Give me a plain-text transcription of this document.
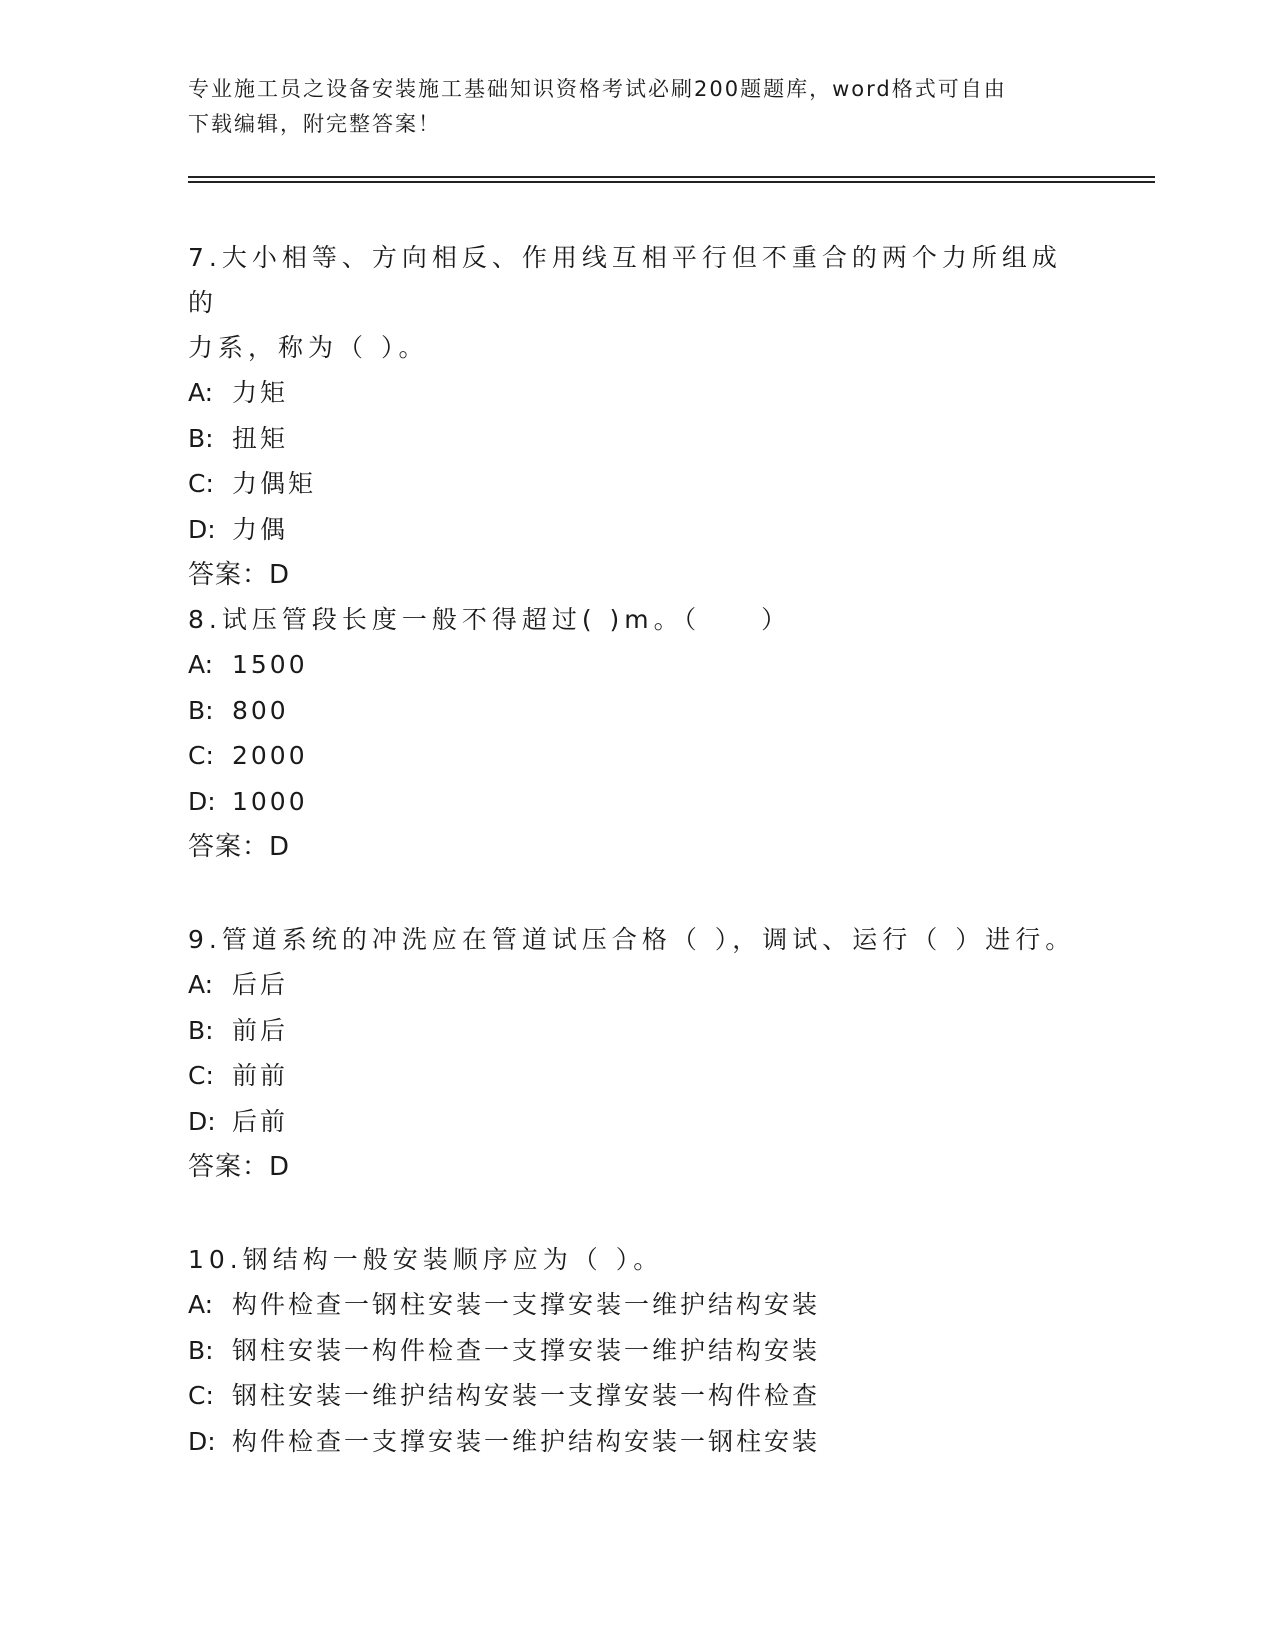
专业施工员之设备安装施工基础知识资格考试必刷200题题库，word格式可自由
下载编辑，附完整答案！
7.大小相等、方向相反、作用线互相平行但不重合的两个力所组成的
力系，称为（ ）。
A: 力矩
B: 扭矩
C: 力偶矩
D: 力偶
答案：D
8.试压管段长度一般不得超过( )m。（　　）
A: 1500
B: 800
C: 2000
D: 1000
答案：D
9.管道系统的冲洗应在管道试压合格（ ），调试、运行（ ）进行。
A: 后后
B: 前后
C: 前前
D: 后前
答案：D
10.钢结构一般安装顺序应为（ ）。
A: 构件检查一钢柱安装一支撑安装一维护结构安装
B: 钢柱安装一构件检查一支撑安装一维护结构安装
C: 钢柱安装一维护结构安装一支撑安装一构件检查
D: 构件检查一支撑安装一维护结构安装一钢柱安装
